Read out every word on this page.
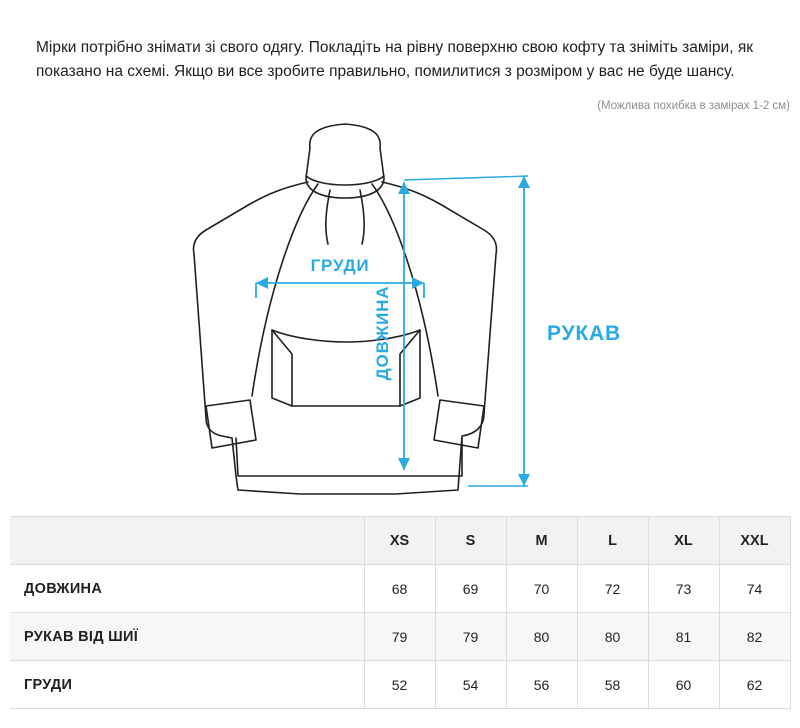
Мірки потрібно знімати зі свого одягу. Покладіть на рівну поверхню свою кофту та зніміть заміри, як показано на схемі. Якщо ви все зробите правильно, помилитися з розміром у вас не буде шансу.

(Можлива похибка в замірах 1-2 см)
ГРУДИ
ДОВЖИНА	РУКАВ
	XS	S	M	L	XL	XXL
ДОВЖИНА	68	69	70	72	73	74
РУКАВ ВІД ШИЇ	79	79	80	80	81	82
ГРУДИ	52	54	56	58	60	62
